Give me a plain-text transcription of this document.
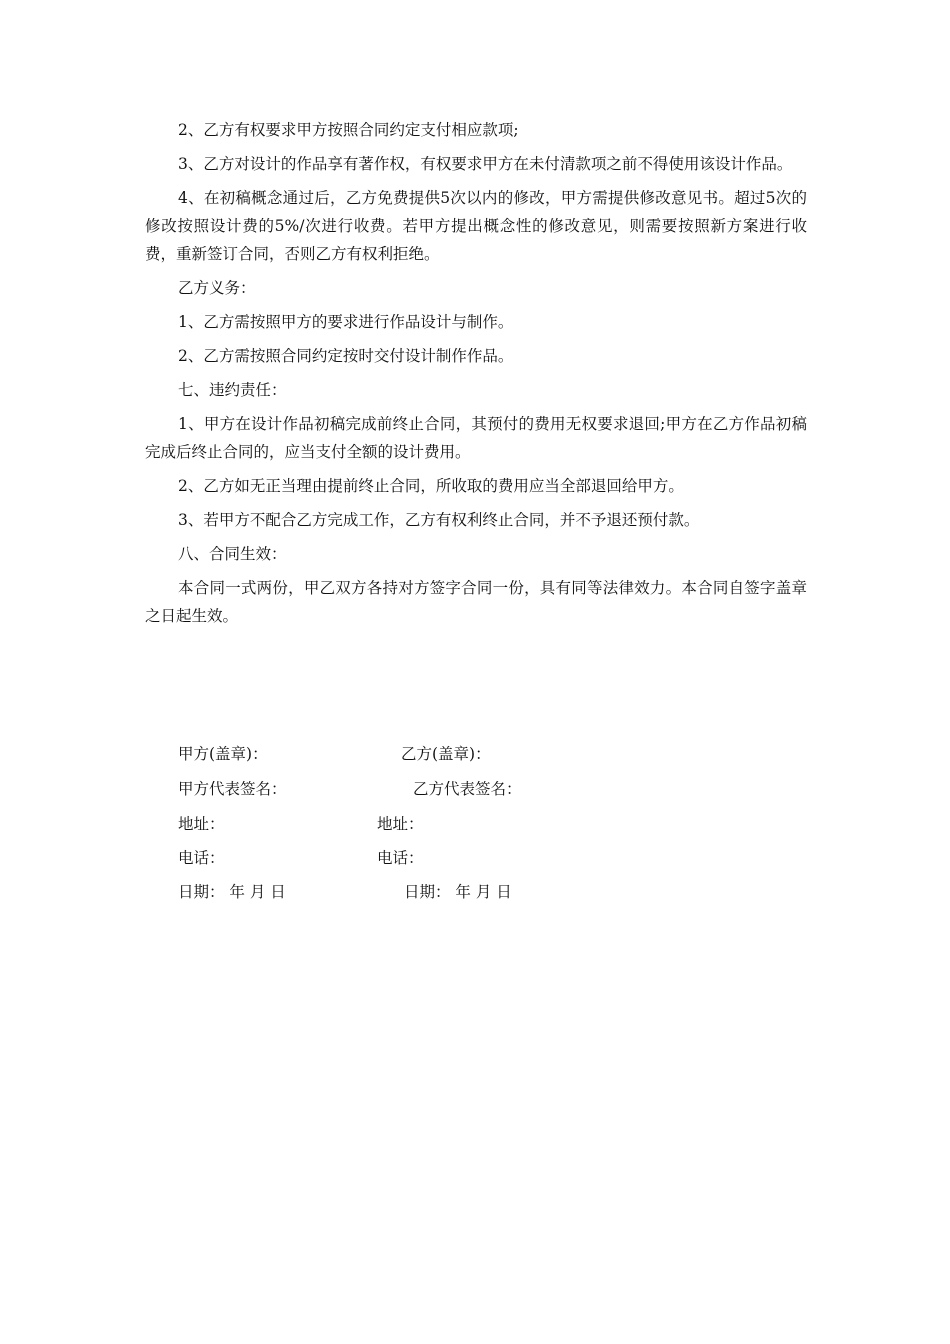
2、乙方有权要求甲方按照合同约定支付相应款项;

3、乙方对设计的作品享有著作权，有权要求甲方在未付清款项之前不得使用该设计作品。

4、在初稿概念通过后，乙方免费提供5次以内的修改，甲方需提供修改意见书。超过5次的修改按照设计费的5%/次进行收费。若甲方提出概念性的修改意见，则需要按照新方案进行收费，重新签订合同，否则乙方有权利拒绝。

乙方义务：

1、乙方需按照甲方的要求进行作品设计与制作。

2、乙方需按照合同约定按时交付设计制作作品。

七、违约责任：

1、甲方在设计作品初稿完成前终止合同，其预付的费用无权要求退回;甲方在乙方作品初稿完成后终止合同的，应当支付全额的设计费用。

2、乙方如无正当理由提前终止合同，所收取的费用应当全部退回给甲方。

3、若甲方不配合乙方完成工作，乙方有权利终止合同，并不予退还预付款。

八、合同生效：

本合同一式两份，甲乙双方各持对方签字合同一份，具有同等法律效力。本合同自签字盖章之日起生效。

甲方(盖章)：
甲方代表签名：
地址：
电话：
日期： 年 月 日
乙方(盖章)：
乙方代表签名：
地址：
电话：
日期： 年 月 日
